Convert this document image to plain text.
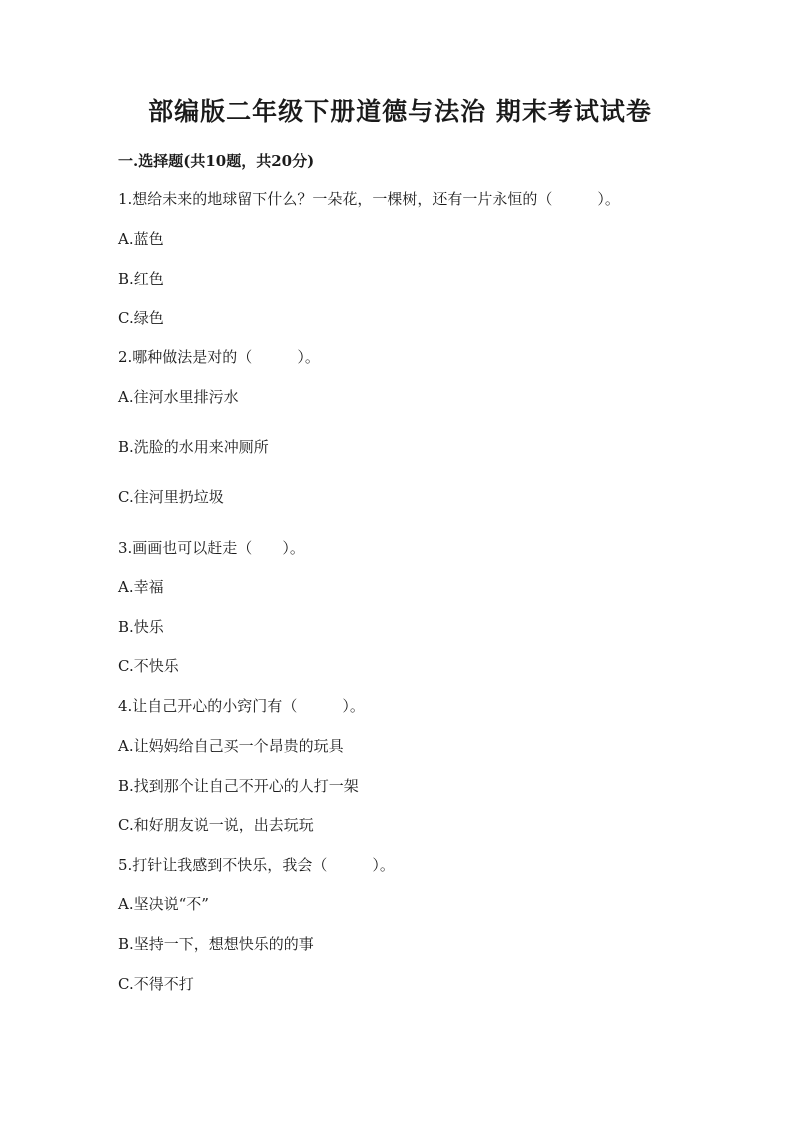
部编版二年级下册道德与法治 期末考试试卷
一.选择题(共10题，共20分)
1.想给未来的地球留下什么？一朵花，一棵树，还有一片永恒的（　　　）。
A.蓝色
B.红色
C.绿色
2.哪种做法是对的（　　　）。
A.往河水里排污水
B.洗脸的水用来冲厕所
C.往河里扔垃圾
3.画画也可以赶走（　　）。
A.幸福
B.快乐
C.不快乐
4.让自己开心的小窍门有（　　　）。
A.让妈妈给自己买一个昂贵的玩具
B.找到那个让自己不开心的人打一架
C.和好朋友说一说，出去玩玩
5.打针让我感到不快乐，我会（　　　）。
A.坚决说“不”
B.坚持一下，想想快乐的的事
C.不得不打
